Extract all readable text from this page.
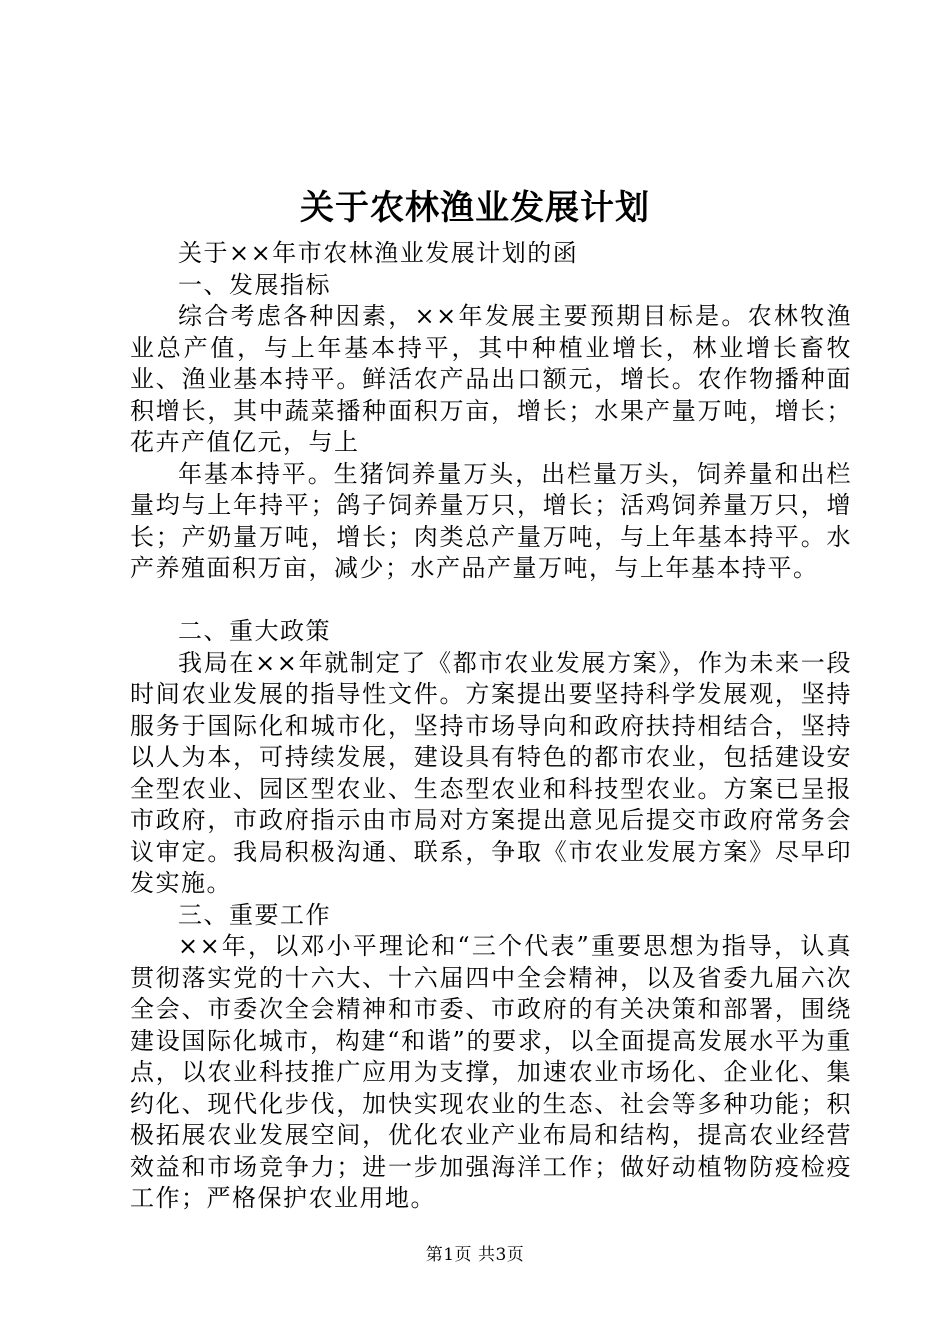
关于农林渔业发展计划

关于××年市农林渔业发展计划的函

一、发展指标

综合考虑各种因素，××年发展主要预期目标是。农林牧渔业总产值，与上年基本持平，其中种植业增长，林业增长畜牧业、渔业基本持平。鲜活农产品出口额元，增长。农作物播种面积增长，其中蔬菜播种面积万亩，增长；水果产量万吨，增长；花卉产值亿元，与上

年基本持平。生猪饲养量万头，出栏量万头，饲养量和出栏量均与上年持平；鸽子饲养量万只，增长；活鸡饲养量万只，增长；产奶量万吨，增长；肉类总产量万吨，与上年基本持平。水产养殖面积万亩，减少；水产品产量万吨，与上年基本持平。

二、重大政策

我局在××年就制定了《都市农业发展方案》，作为未来一段时间农业发展的指导性文件。方案提出要坚持科学发展观，坚持服务于国际化和城市化，坚持市场导向和政府扶持相结合，坚持以人为本，可持续发展，建设具有特色的都市农业，包括建设安全型农业、园区型农业、生态型农业和科技型农业。方案已呈报市政府，市政府指示由市局对方案提出意见后提交市政府常务会议审定。我局积极沟通、联系，争取《市农业发展方案》尽早印发实施。

三、重要工作

××年，以邓小平理论和“三个代表”重要思想为指导，认真贯彻落实党的十六大、十六届四中全会精神，以及省委九届六次全会、市委次全会精神和市委、市政府的有关决策和部署，围绕建设国际化城市，构建“和谐”的要求，以全面提高发展水平为重点，以农业科技推广应用为支撑，加速农业市场化、企业化、集约化、现代化步伐，加快实现农业的生态、社会等多种功能；积极拓展农业发展空间，优化农业产业布局和结构，提高农业经营效益和市场竞争力；进一步加强海洋工作；做好动植物防疫检疫工作；严格保护农业用地。

第1页 共3页
